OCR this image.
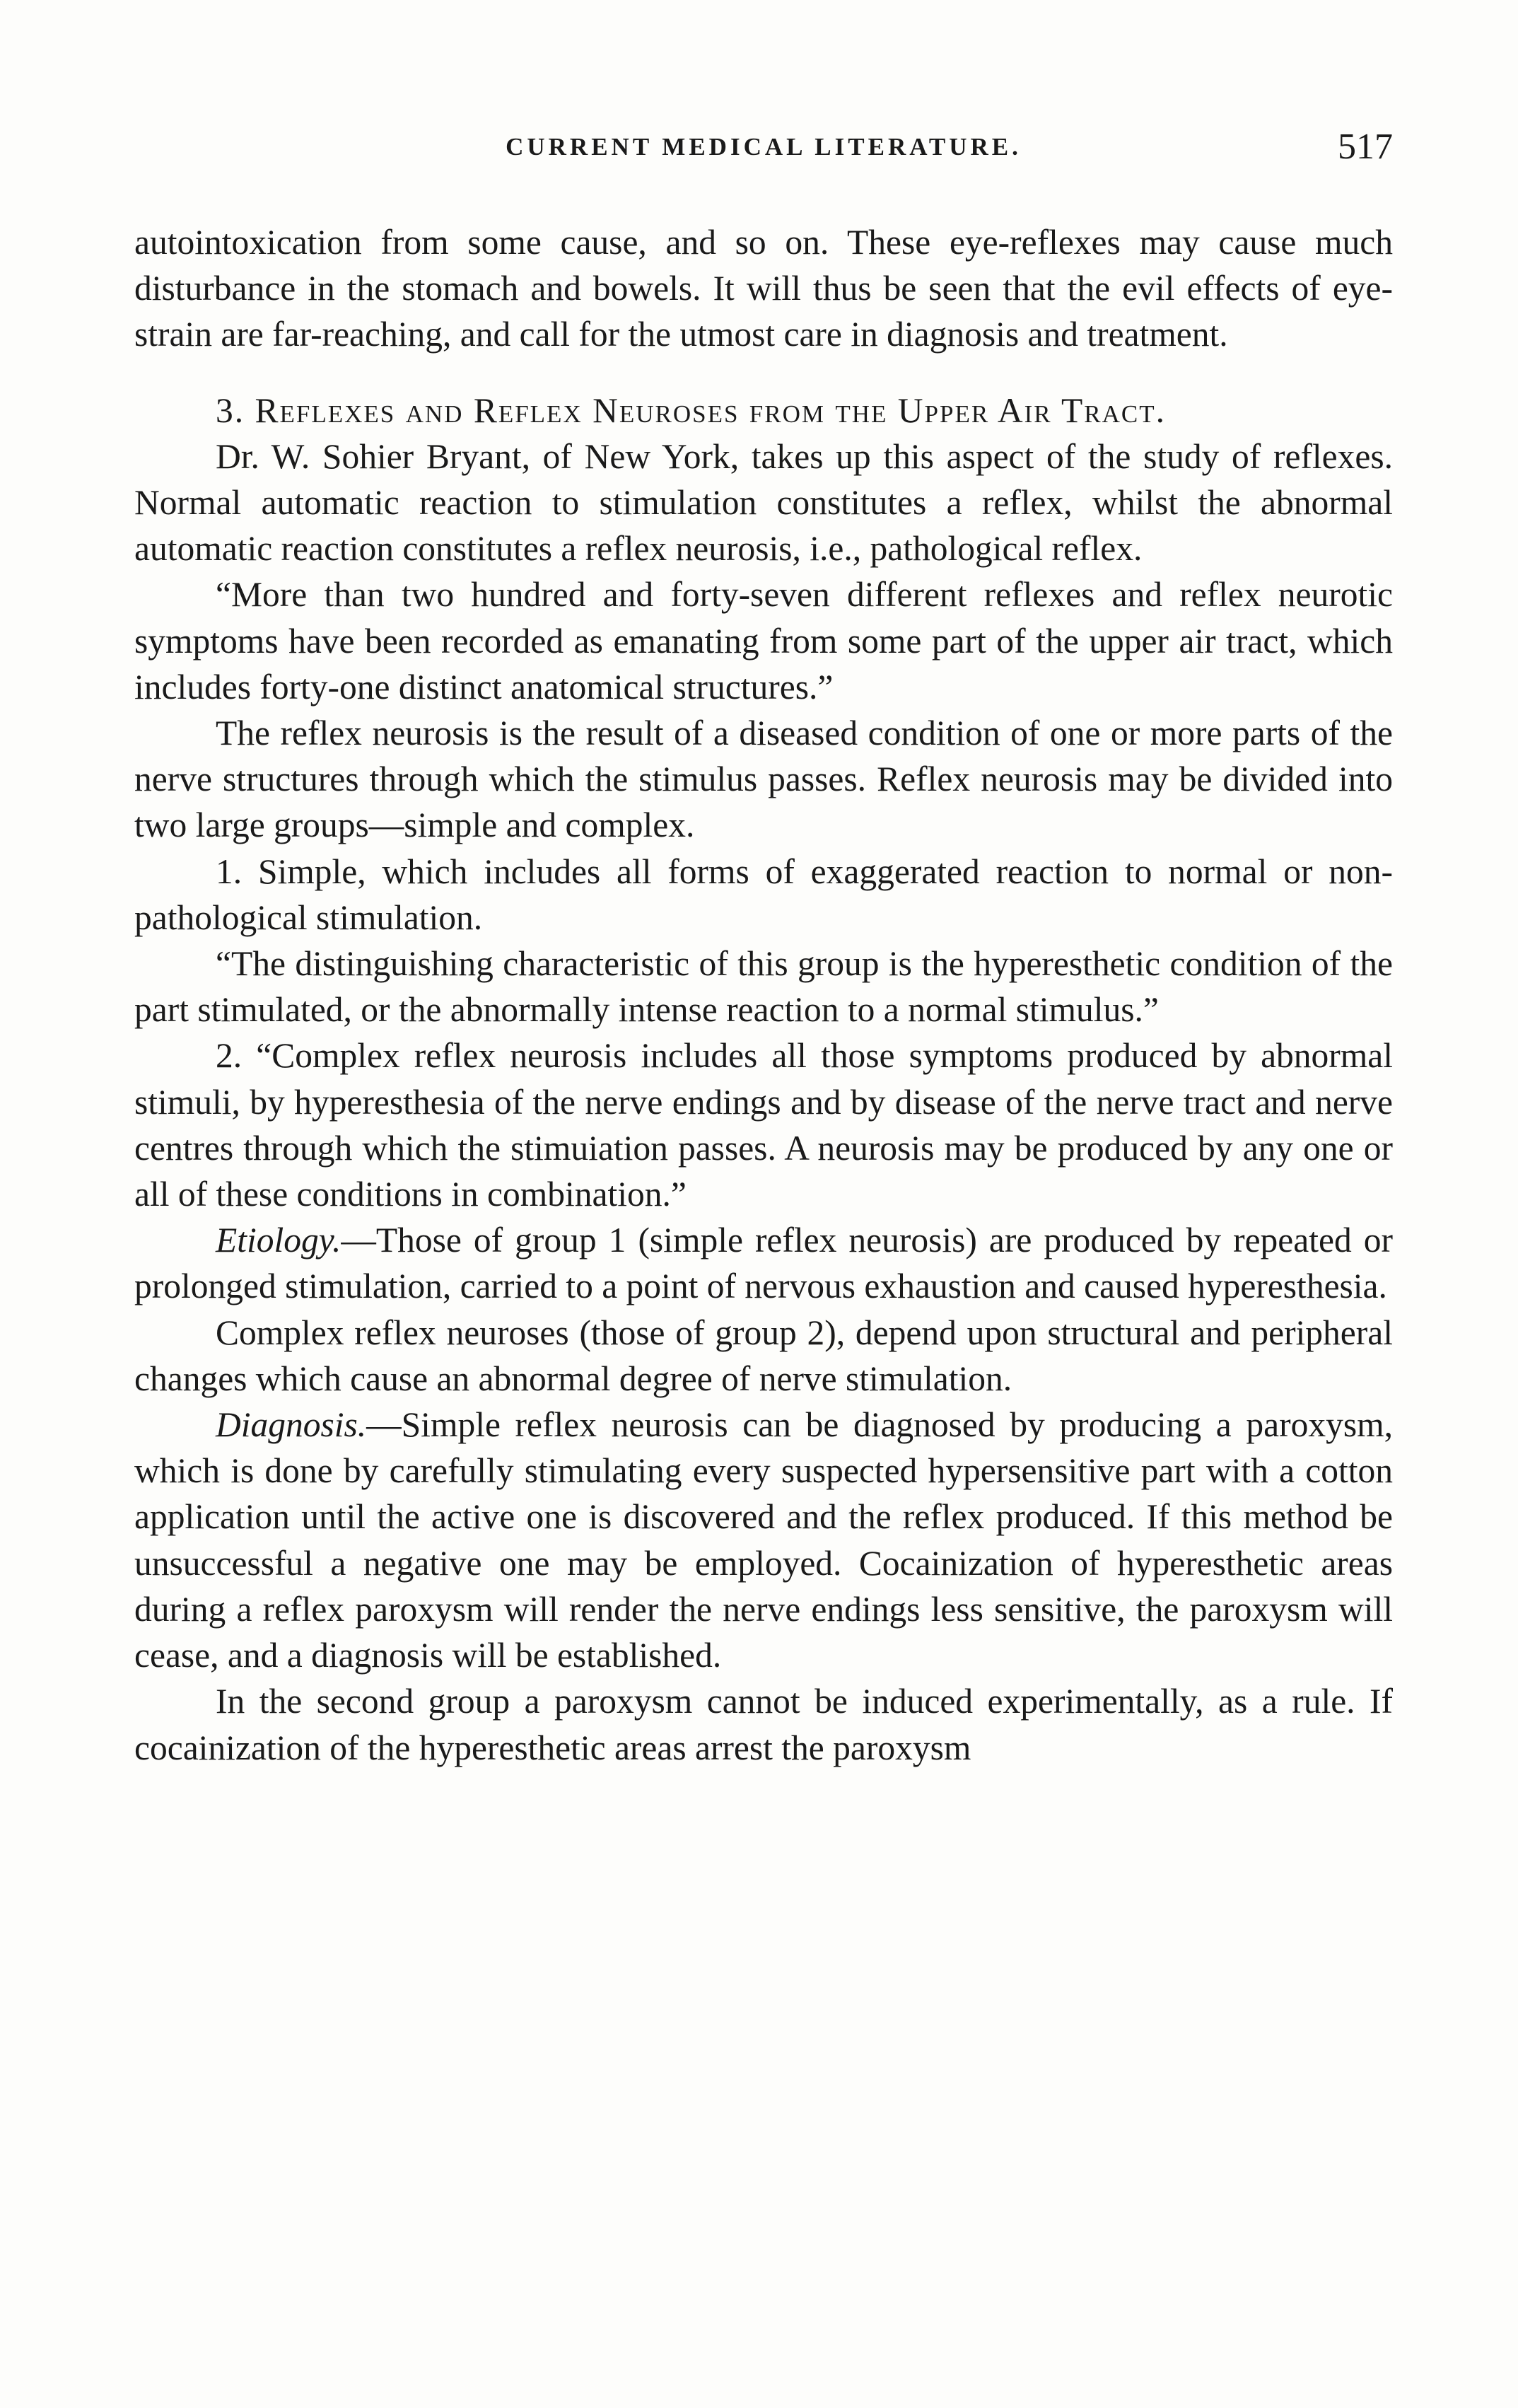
CURRENT MEDICAL LITERATURE.	517

autointoxication from some cause, and so on. These eye-reflexes may cause much disturbance in the stomach and bowels. It will thus be seen that the evil effects of eye-strain are far-reaching, and call for the utmost care in diagnosis and treatment.

3. Reflexes and Reflex Neuroses from the Upper Air Tract.

Dr. W. Sohier Bryant, of New York, takes up this aspect of the study of reflexes. Normal automatic reaction to stimulation constitutes a reflex, whilst the abnormal automatic reaction constitutes a reflex neurosis, i.e., pathological reflex.

“More than two hundred and forty-seven different reflexes and reflex neurotic symptoms have been recorded as emanating from some part of the upper air tract, which includes forty-one distinct anatomical structures.”

The reflex neurosis is the result of a diseased condition of one or more parts of the nerve structures through which the stimulus passes. Reflex neurosis may be divided into two large groups—simple and complex.

1. Simple, which includes all forms of exaggerated reaction to normal or non-pathological stimulation.

“The distinguishing characteristic of this group is the hyperesthetic condition of the part stimulated, or the abnormally intense reaction to a normal stimulus.”

2. “Complex reflex neurosis includes all those symptoms produced by abnormal stimuli, by hyperesthesia of the nerve endings and by disease of the nerve tract and nerve centres through which the stimuiation passes. A neurosis may be produced by any one or all of these conditions in combination.”

Etiology.—Those of group 1 (simple reflex neurosis) are produced by repeated or prolonged stimulation, carried to a point of nervous exhaustion and caused hyperesthesia.

Complex reflex neuroses (those of group 2), depend upon structural and peripheral changes which cause an abnormal degree of nerve stimulation.

Diagnosis.—Simple reflex neurosis can be diagnosed by producing a paroxysm, which is done by carefully stimulating every suspected hypersensitive part with a cotton application until the active one is discovered and the reflex produced. If this method be unsuccessful a negative one may be employed. Cocainization of hyperesthetic areas during a reflex paroxysm will render the nerve endings less sensitive, the paroxysm will cease, and a diagnosis will be established.

In the second group a paroxysm cannot be induced experimentally, as a rule. If cocainization of the hyperesthetic areas arrest the paroxysm
